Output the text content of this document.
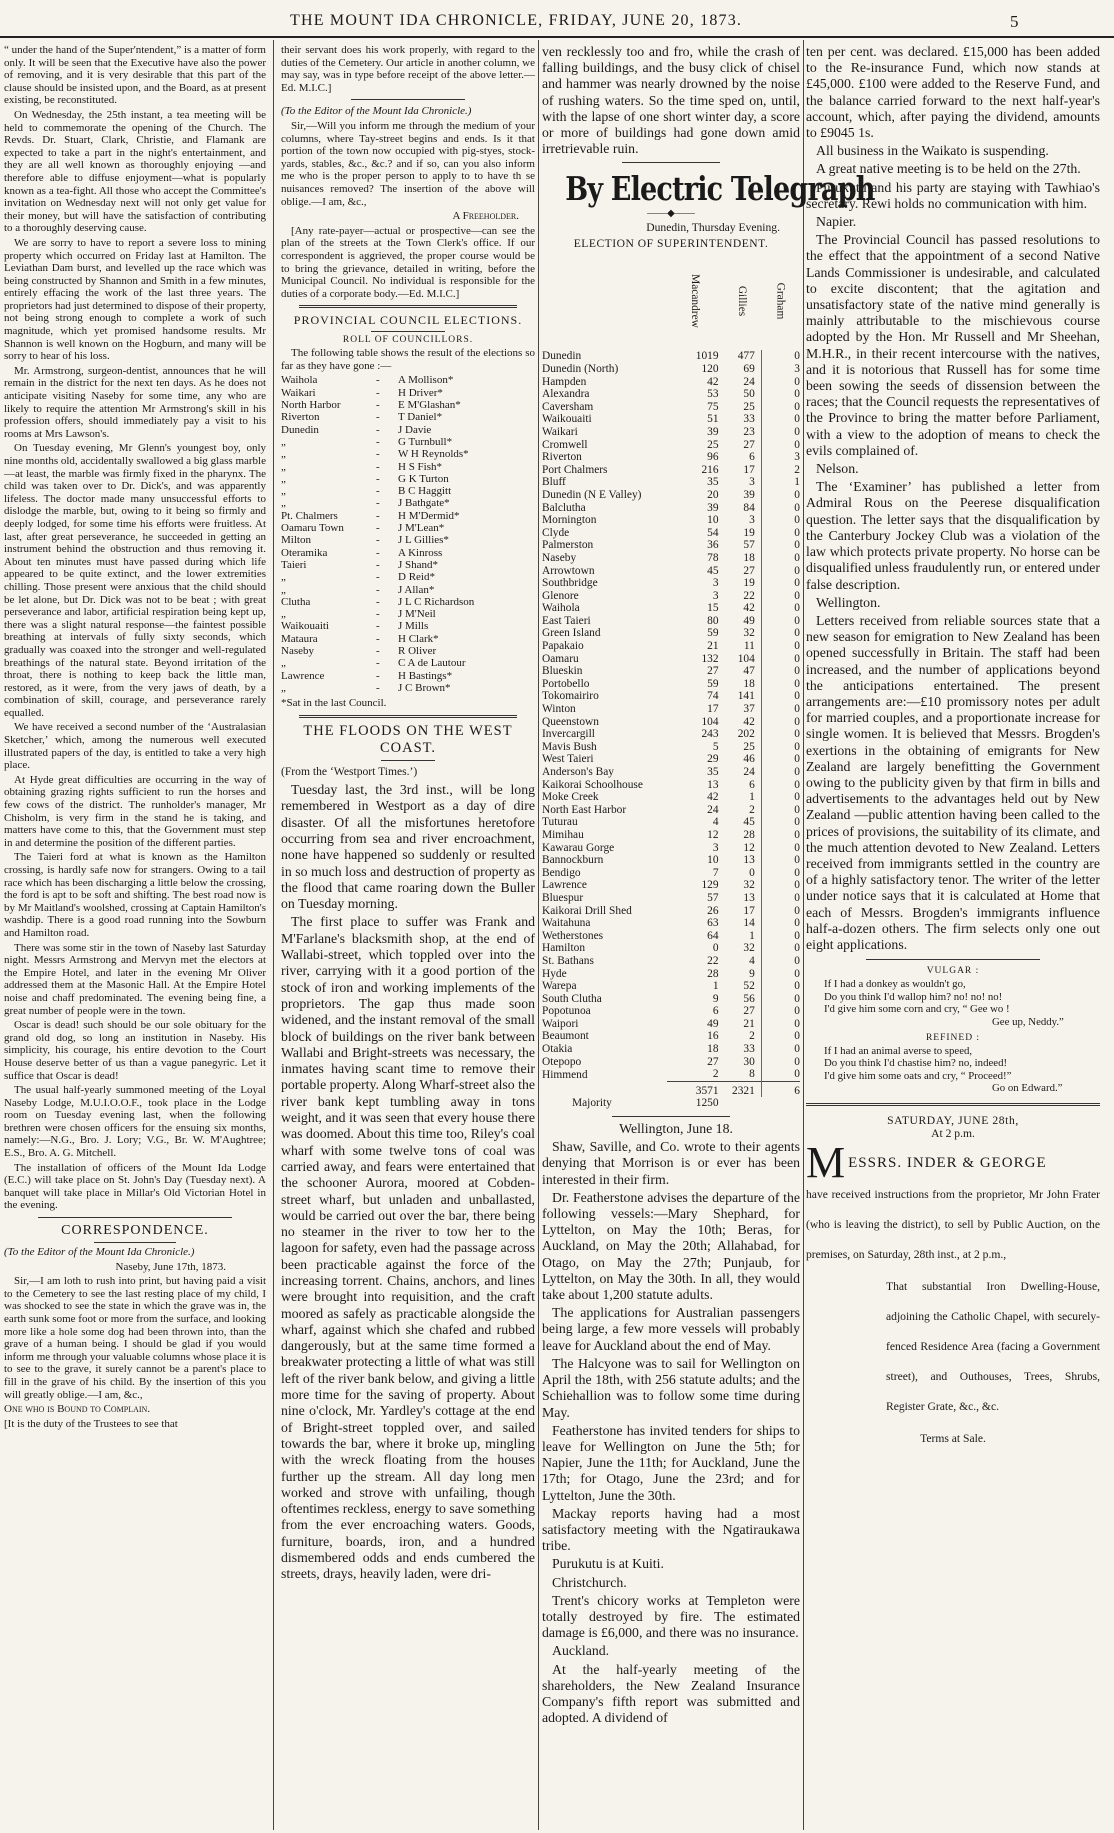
THE MOUNT IDA CHRONICLE, FRIDAY, JUNE 20, 1873.	5

“ under the hand of the Super'ntendent,” is a matter of form only. It will be seen that the Executive have also the power of removing, and it is very desirable that this part of the clause should be insisted upon, and the Board, as at present existing, be reconstituted.

On Wednesday, the 25th instant, a tea meeting will be held to commemorate the opening of the Church. The Revds. Dr. Stuart, Clark, Christie, and Flamank are expected to take a part in the night's entertainment, and they are all well known as thoroughly enjoying —and therefore able to diffuse enjoyment—what is popularly known as a tea-fight. All those who accept the Committee's invitation on Wednesday next will not only get value for their money, but will have the satisfaction of contributing to a thoroughly deserving cause.

We are sorry to have to report a severe loss to mining property which occurred on Friday last at Hamilton. The Leviathan Dam burst, and levelled up the race which was being constructed by Shannon and Smith in a few minutes, entirely effacing the work of the last three years. The proprietors had just determined to dispose of their property, not being strong enough to complete a work of such magnitude, which yet promised handsome results. Mr Shannon is well known on the Hogburn, and many will be sorry to hear of his loss.

Mr. Armstrong, surgeon-dentist, announces that he will remain in the district for the next ten days. As he does not anticipate visiting Naseby for some time, any who are likely to require the attention Mr Armstrong's skill in his profession offers, should immediately pay a visit to his rooms at Mrs Lawson's.

On Tuesday evening, Mr Glenn's youngest boy, only nine months old, accidentally swallowed a big glass marble—at least, the marble was firmly fixed in the pharynx. The child was taken over to Dr. Dick's, and was apparently lifeless. The doctor made many unsuccessful efforts to dislodge the marble, but, owing to it being so firmly and deeply lodged, for some time his efforts were fruitless. At last, after great perseverance, he succeeded in getting an instrument behind the obstruction and thus removing it. About ten minutes must have passed during which life appeared to be quite extinct, and the lower extremities chilling. Those present were anxious that the child should be let alone, but Dr. Dick was not to be beat ; with great perseverance and labor, artificial respiration being kept up, there was a slight natural response—the faintest possible breathing at intervals of fully sixty seconds, which gradually was coaxed into the stronger and well-regulated breathings of the natural state. Beyond irritation of the throat, there is nothing to keep back the little man, restored, as it were, from the very jaws of death, by a combination of skill, courage, and perseverance rarely equalled.

We have received a second number of the ‘Australasian Sketcher,’ which, among the numerous well executed illustrated papers of the day, is entitled to take a very high place.

At Hyde great difficulties are occurring in the way of obtaining grazing rights sufficient to run the horses and few cows of the district. The runholder's manager, Mr Chisholm, is very firm in the stand he is taking, and matters have come to this, that the Government must step in and determine the position of the different parties.

The Taieri ford at what is known as the Hamilton crossing, is hardly safe now for strangers. Owing to a tail race which has been discharging a little below the crossing, the ford is apt to be soft and shifting. The best road now is by Mr Maitland's woolshed, crossing at Captain Hamilton's washdip. There is a good road running into the Sowburn and Hamilton road.

There was some stir in the town of Naseby last Saturday night. Messrs Armstrong and Mervyn met the electors at the Empire Hotel, and later in the evening Mr Oliver addressed them at the Masonic Hall. At the Empire Hotel noise and chaff predominated. The evening being fine, a great number of people were in the town.

Oscar is dead! such should be our sole obituary for the grand old dog, so long an institution in Naseby. His simplicity, his courage, his entire devotion to the Court House deserve better of us than a vague panegyric. Let it suffice that Oscar is dead!

The usual half-yearly summoned meeting of the Loyal Naseby Lodge, M.U.I.O.O.F., took place in the Lodge room on Tuesday evening last, when the following brethren were chosen officers for the ensuing six months, namely:—N.G., Bro. J. Lory; V.G., Br. W. M'Aughtree; E.S., Bro. A. G. Mitchell.

The installation of officers of the Mount Ida Lodge (E.C.) will take place on St. John's Day (Tuesday next). A banquet will take place in Millar's Old Victorian Hotel in the evening.

CORRESPONDENCE.

(To the Editor of the Mount Ida Chronicle.)

Naseby, June 17th, 1873.

Sir,—I am loth to rush into print, but having paid a visit to the Cemetery to see the last resting place of my child, I was shocked to see the state in which the grave was in, the earth sunk some foot or more from the surface, and looking more like a hole some dog had been thrown into, than the grave of a human being. I should be glad if you would inform me through your valuable columns whose place it is to see to the grave, it surely cannot be a parent's place to fill in the grave of his child. By the insertion of this you will greatly oblige.—I am, &c.,

One who is Bound to Complain.

[It is the duty of the Trustees to see that

their servant does his work properly, with regard to the duties of the Cemetery. Our article in another column, we may say, was in type before receipt of the above letter.—Ed. M.I.C.]

(To the Editor of the Mount Ida Chronicle.)

Sir,—Will you inform me through the medium of your columns, where Tay-street begins and ends. Is it that portion of the town now occupied with pig-styes, stock-yards, stables, &c., &c.? and if so, can you also inform me who is the proper person to apply to to have th se nuisances removed? The insertion of the above will oblige.—I am, &c.,

A Freeholder.

[Any rate-payer—actual or prospective—can see the plan of the streets at the Town Clerk's office. If our correspondent is aggrieved, the proper course would be to bring the grievance, detailed in writing, before the Municipal Council. No individual is responsible for the duties of a corporate body.—Ed. M.I.C.]

PROVINCIAL COUNCIL ELECTIONS.
ROLL OF COUNCILLORS.

The following table shows the result of the elections so far as they have gone :—

Waihola	-	A Mollison*
Waikari	-	H Driver*
North Harbor	-	E M'Glashan*
Riverton	-	T Daniel*
Dunedin	-	J Davie
„	-	G Turnbull*
„	-	W H Reynolds*
„	-	H S Fish*
„	-	G K Turton
„	-	B C Haggitt
„	-	J Bathgate*
Pt. Chalmers	-	H M'Dermid*
Oamaru Town	-	J M'Lean*
Milton	-	J L Gillies*
Oteramika	-	A Kinross
Taieri	-	J Shand*
„	-	D Reid*
„	-	J Allan*
Clutha	-	J L C Richardson
„	-	J M'Neil
Waikouaiti	-	J Mills
Mataura	-	H Clark*
Naseby	-	R Oliver
„	-	C A de Lautour
Lawrence	-	H Bastings*
„	-	J C Brown*

*Sat in the last Council.

THE FLOODS ON THE WEST COAST.

(From the ‘Westport Times.’)

Tuesday last, the 3rd inst., will be long remembered in Westport as a day of dire disaster. Of all the misfortunes heretofore occurring from sea and river encroachment, none have happened so suddenly or resulted in so much loss and destruction of property as the flood that came roaring down the Buller on Tuesday morning.

The first place to suffer was Frank and M'Farlane's blacksmith shop, at the end of Wallabi-street, which toppled over into the river, carrying with it a good portion of the stock of iron and working implements of the proprietors. The gap thus made soon widened, and the instant removal of the small block of buildings on the river bank between Wallabi and Bright-streets was necessary, the inmates having scant time to remove their portable property. Along Wharf-street also the river bank kept tumbling away in tons weight, and it was seen that every house there was doomed. About this time too, Riley's coal wharf with some twelve tons of coal was carried away, and fears were entertained that the schooner Aurora, moored at Cobden-street wharf, but unladen and unballasted, would be carried out over the bar, there being no steamer in the river to tow her to the lagoon for safety, even had the passage across been practicable against the force of the increasing torrent. Chains, anchors, and lines were brought into requisition, and the craft moored as safely as practicable alongside the wharf, against which she chafed and rubbed dangerously, but at the same time formed a breakwater protecting a little of what was still left of the river bank below, and giving a little more time for the saving of property. About nine o'clock, Mr. Yardley's cottage at the end of Bright-street toppled over, and sailed towards the bar, where it broke up, mingling with the wreck floating from the houses further up the stream. All day long men worked and strove with unfailing, though oftentimes reckless, energy to save something from the ever encroaching waters. Goods, furniture, boards, iron, and a hundred dismembered odds and ends cumbered the streets, drays, heavily laden, were dri-

ven recklessly too and fro, while the crash of falling buildings, and the busy click of chisel and hammer was nearly drowned by the noise of rushing waters. So the time sped on, until, with the lapse of one short winter day, a score or more of buildings had gone down amid irretrievable ruin.

By Electric Telegraph
——◆——

Dunedin, Thursday Evening.

ELECTION OF SUPERINTENDENT.
	Macandrew	Gillies	Graham
Dunedin	1019	477	0
Dunedin (North)	120	69	3
Hampden	42	24	0
Alexandra	53	50	0
Caversham	75	25	0
Waikouaiti	51	33	0
Waikari	39	23	0
Cromwell	25	27	0
Riverton	96	6	3
Port Chalmers	216	17	2
Bluff	35	3	1
Dunedin (N E Valley)	20	39	0
Balclutha	39	84	0
Mornington	10	3	0
Clyde	54	19	0
Palmerston	36	57	0
Naseby	78	18	0
Arrowtown	45	27	0
Southbridge	3	19	0
Glenore	3	22	0
Waihola	15	42	0
East Taieri	80	49	0
Green Island	59	32	0
Papakaio	21	11	0
Oamaru	132	104	0
Blueskin	27	47	0
Portobello	59	18	0
Tokomairiro	74	141	0
Winton	17	37	0
Queenstown	104	42	0
Invercargill	243	202	0
Mavis Bush	5	25	0
West Taieri	29	46	0
Anderson's Bay	35	24	0
Kaikorai Schoolhouse	13	6	0
Moke Creek	42	1	0
North East Harbor	24	2	0
Tuturau	4	45	0
Mimihau	12	28	0
Kawarau Gorge	3	12	0
Bannockburn	10	13	0
Bendigo	7	0	0
Lawrence	129	32	0
Bluespur	57	13	0
Kaikorai Drill Shed	26	17	0
Waitahuna	63	14	0
Wetherstones	64	1	0
Hamilton	0	32	0
St. Bathans	22	4	0
Hyde	28	9	0
Warepa	1	52	0
South Clutha	9	56	0
Popotunoa	6	27	0
Waipori	49	21	0
Beaumont	16	2	0
Otakia	18	33	0
Otepopo	27	30	0
Himmend	2	8	0
	3571	2321	6
Majority	1250		

Wellington, June 18.

Shaw, Saville, and Co. wrote to their agents denying that Morrison is or ever has been interested in their firm.

Dr. Featherstone advises the departure of the following vessels:—Mary Shephard, for Lyttelton, on May the 10th; Beras, for Auckland, on May the 20th; Allahabad, for Otago, on May the 27th; Punjaub, for Lyttelton, on May the 30th. In all, they would take about 1,200 statute adults.

The applications for Australian passengers being large, a few more vessels will probably leave for Auckland about the end of May.

The Halcyone was to sail for Wellington on April the 18th, with 256 statute adults; and the Schiehallion was to follow some time during May.

Featherstone has invited tenders for ships to leave for Wellington on June the 5th; for Napier, June the 11th; for Auckland, June the 17th; for Otago, June the 23rd; and for Lyttelton, June the 30th.

Mackay reports having had a most satisfactory meeting with the Ngatiraukawa tribe.

Purukutu is at Kuiti.

Christchurch.

Trent's chicory works at Templeton were totally destroyed by fire. The estimated damage is £6,000, and there was no insurance.

Auckland.

At the half-yearly meeting of the shareholders, the New Zealand Insurance Company's fifth report was submitted and adopted. A dividend of

ten per cent. was declared. £15,000 has been added to the Re-insurance Fund, which now stands at £45,000. £100 were added to the Reserve Fund, and the balance carried forward to the next half-year's account, which, after paying the dividend, amounts to £9045 1s.

All business in the Waikato is suspending.

A great native meeting is to be held on the 27th.

Purukutu and his party are staying with Tawhiao's secretary. Rewi holds no communication with him.

Napier.

The Provincial Council has passed resolutions to the effect that the appointment of a second Native Lands Commissioner is undesirable, and calculated to excite discontent; that the agitation and unsatisfactory state of the native mind generally is mainly attributable to the mischievous course adopted by the Hon. Mr Russell and Mr Sheehan, M.H.R., in their recent intercourse with the natives, and it is notorious that Russell has for some time been sowing the seeds of dissension between the races; that the Council requests the representatives of the Province to bring the matter before Parliament, with a view to the adoption of means to check the evils complained of.

Nelson.

The ‘Examiner’ has published a letter from Admiral Rous on the Peerese disqualification question. The letter says that the disqualification by the Canterbury Jockey Club was a violation of the law which protects private property. No horse can be disqualified unless fraudulently run, or entered under false description.

Wellington.

Letters received from reliable sources state that a new season for emigration to New Zealand has been opened successfully in Britain. The staff had been increased, and the number of applications beyond the anticipations entertained. The present arrangements are:—£10 promissory notes per adult for married couples, and a proportionate increase for single women. It is believed that Messrs. Brogden's exertions in the obtaining of emigrants for New Zealand are largely benefitting the Government owing to the publicity given by that firm in bills and advertisements to the advantages held out by New Zealand —public attention having been called to the prices of provisions, the suitability of its climate, and the much attention devoted to New Zealand. Letters received from immigrants settled in the country are of a highly satisfactory tenor. The writer of the letter under notice says that it is calculated at Home that each of Messrs. Brogden's immigrants influence half-a-dozen others. The firm selects only one out eight applications.

VULGAR :
If I had a donkey as wouldn't go,
Do you think I'd wallop him? no! no! no!
I'd give him some corn and cry, “ Gee wo !
Gee up, Neddy.”
REFINED :
If I had an animal averse to speed,
Do you think I'd chastise him? no, indeed!
I'd give him some oats and cry, “ Proceed!”
Go on Edward.”
SATURDAY, JUNE 28th,
At 2 p.m.
M ESSRS. INDER & GEORGE

have received instructions from the proprietor, Mr John Frater (who is leaving the district), to sell by Public Auction, on the premises, on Saturday, 28th inst., at 2 p.m.,

That substantial Iron Dwelling-House, adjoining the Catholic Chapel, with securely-fenced Residence Area (facing a Government street), and Outhouses, Trees, Shrubs, Register Grate, &c., &c.

Terms at Sale.
